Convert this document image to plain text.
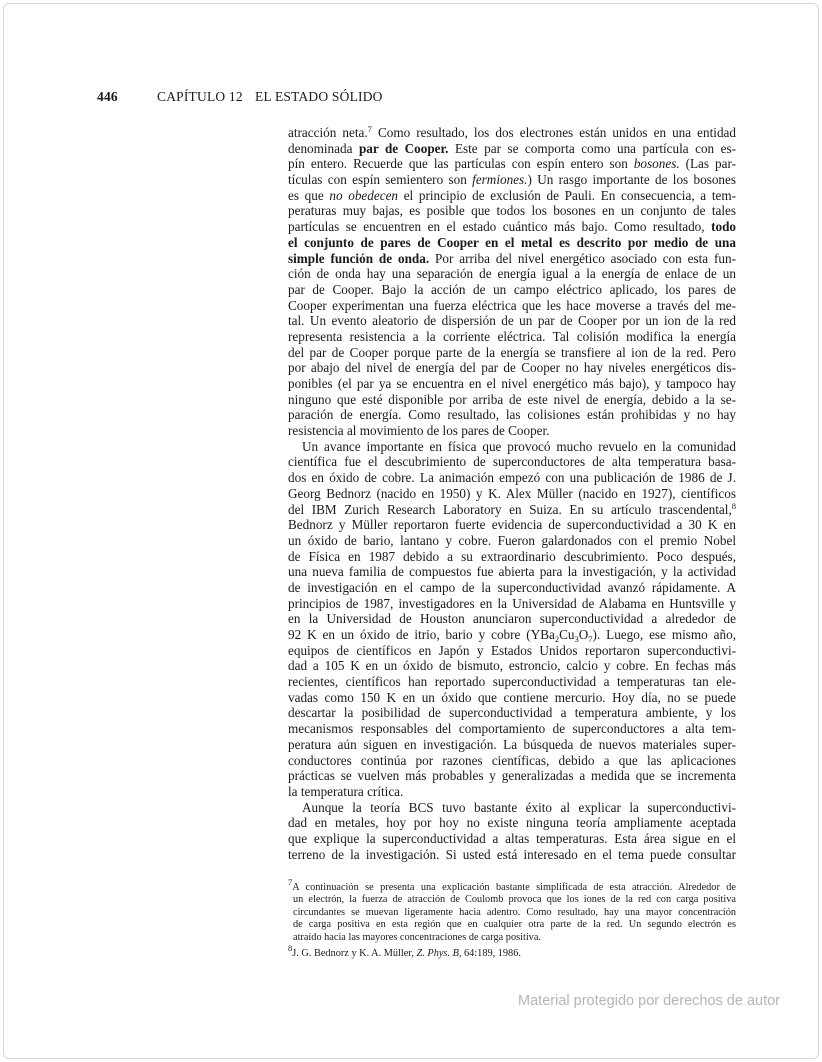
446	CAPÍTULO 12 EL ESTADO SÓLIDO
atracción neta.$^7$ Como resultado, los dos electrones están unidos en una entidad
denominada par de Cooper. Este par se comporta como una partícula con es-
pín entero. Recuerde que las partículas con espín entero son bosones. (Las par-
tículas con espín semientero son fermiones.) Un rasgo importante de los bosones
es que no obedecen el principio de exclusión de Pauli. En consecuencia, a tem-
peraturas muy bajas, es posible que todos los bosones en un conjunto de tales
partículas se encuentren en el estado cuántico más bajo. Como resultado, todo
el conjunto de pares de Cooper en el metal es descrito por medio de una
simple función de onda. Por arriba del nivel energético asociado con esta fun-
ción de onda hay una separación de energía igual a la energía de enlace de un
par de Cooper. Bajo la acción de un campo eléctrico aplicado, los pares de
Cooper experimentan una fuerza eléctrica que les hace moverse a través del me-
tal. Un evento aleatorio de dispersión de un par de Cooper por un ion de la red
representa resistencia a la corriente eléctrica. Tal colisión modifica la energía
del par de Cooper porque parte de la energía se transfiere al ion de la red. Pero
por abajo del nivel de energía del par de Cooper no hay niveles energéticos dis-
ponibles (el par ya se encuentra en el nivel energético más bajo), y tampoco hay
ninguno que esté disponible por arriba de este nivel de energía, debido a la se-
paración de energía. Como resultado, las colisiones están prohibidas y no hay
resistencia al movimiento de los pares de Cooper.
Un avance importante en física que provocó mucho revuelo en la comunidad
científica fue el descubrimiento de superconductores de alta temperatura basa-
dos en óxido de cobre. La animación empezó con una publicación de 1986 de J.
Georg Bednorz (nacido en 1950) y K. Alex Müller (nacido en 1927), científicos
del IBM Zurich Research Laboratory en Suiza. En su artículo trascendental,$^8$
Bednorz y Müller reportaron fuerte evidencia de superconductividad a 30 K en
un óxido de bario, lantano y cobre. Fueron galardonados con el premio Nobel
de Física en 1987 debido a su extraordinario descubrimiento. Poco después,
una nueva familia de compuestos fue abierta para la investigación, y la actividad
de investigación en el campo de la superconductividad avanzó rápidamente. A
principios de 1987, investigadores en la Universidad de Alabama en Huntsville y
en la Universidad de Houston anunciaron superconductividad a alrededor de
92 K en un óxido de itrio, bario y cobre $(YBa_2Cu_3O_7)$. Luego, ese mismo año,
equipos de científicos en Japón y Estados Unidos reportaron superconductivi-
dad a 105 K en un óxido de bismuto, estroncio, calcio y cobre. En fechas más
recientes, científicos han reportado superconductividad a temperaturas tan ele-
vadas como 150 K en un óxido que contiene mercurio. Hoy día, no se puede
descartar la posibilidad de superconductividad a temperatura ambiente, y los
mecanismos responsables del comportamiento de superconductores a alta tem-
peratura aún siguen en investigación. La búsqueda de nuevos materiales super-
conductores continúa por razones científicas, debido a que las aplicaciones
prácticas se vuelven más probables y generalizadas a medida que se incrementa
la temperatura crítica.
Aunque la teoría BCS tuvo bastante éxito al explicar la superconductivi-
dad en metales, hoy por hoy no existe ninguna teoría ampliamente aceptada
que explique la superconductividad a altas temperaturas. Esta área sigue en el
terreno de la investigación. Si usted está interesado en el tema puede consultar
$^7$A continuación se presenta una explicación bastante simplificada de esta atracción. Alrededor de
un electrón, la fuerza de atracción de Coulomb provoca que los iones de la red con carga positiva
circundantes se muevan ligeramente hacia adentro. Como resultado, hay una mayor concentración
de carga positiva en esta región que en cualquier otra parte de la red. Un segundo electrón es
atraído hacia las mayores concentraciones de carga positiva.
$^8$J. G. Bednorz y K. A. Müller, Z. Phys. B, 64:189, 1986.
Material protegido por derechos de autor
